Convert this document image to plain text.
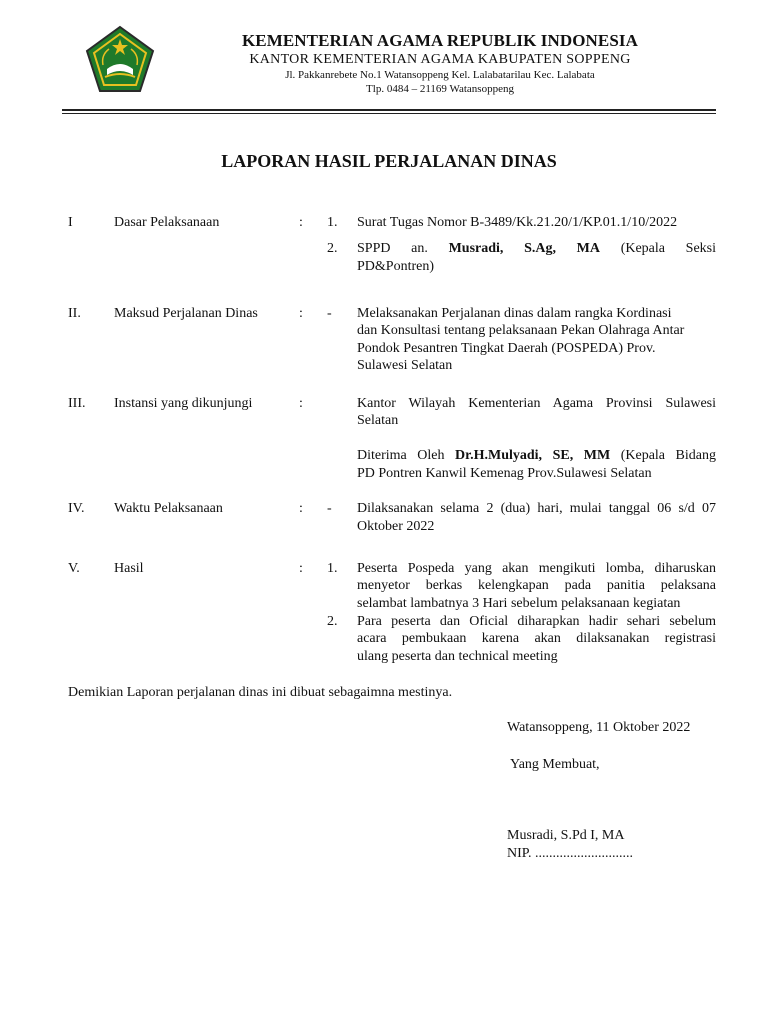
KEMENTERIAN AGAMA REPUBLIK INDONESIA
KANTOR KEMENTERIAN AGAMA KABUPATEN SOPPENG
Jl. Pakkanrebete No.1 Watansoppeng Kel. Lalabatarilau Kec. Lalabata
Tlp. 0484 – 21169 Watansoppeng
LAPORAN HASIL PERJALANAN DINAS
I	Dasar Pelaksanaan	: 1. Surat Tugas Nomor B-3489/Kk.21.20/1/KP.01.1/10/2022
2. SPPD an. Musradi, S.Ag, MA (Kepala Seksi
PD&Pontren)
II. Maksud Perjalanan Dinas	: - Melaksanakan Perjalanan dinas dalam rangka Kordinasi
dan Konsultasi tentang pelaksanaan Pekan Olahraga Antar
Pondok Pesantren Tingkat Daerah (POSPEDA) Prov.
Sulawesi Selatan
III. Instansi yang dikunjungi	:	Kantor Wilayah Kementerian Agama Provinsi Sulawesi
Selatan
Diterima Oleh Dr.H.Mulyadi, SE, MM (Kepala Bidang
PD Pontren Kanwil Kemenag Prov.Sulawesi Selatan
IV. Waktu Pelaksanaan	: - Dilaksanakan selama 2 (dua) hari, mulai tanggal 06 s/d 07
Oktober 2022
V. Hasil	: 1. Peserta Pospeda yang akan mengikuti lomba, diharuskan
menyetor berkas kelengkapan pada panitia pelaksana
selambat lambatnya 3 Hari sebelum pelaksanaan kegiatan
2. Para peserta dan Oficial diharapkan hadir sehari sebelum
acara pembukaan karena akan dilaksanakan registrasi
ulang peserta dan technical meeting
Demikian Laporan perjalanan dinas ini dibuat sebagaimna mestinya.
Watansoppeng, 11 Oktober 2022
Yang Membuat,
Musradi, S.Pd I, MA
NIP. ............................
